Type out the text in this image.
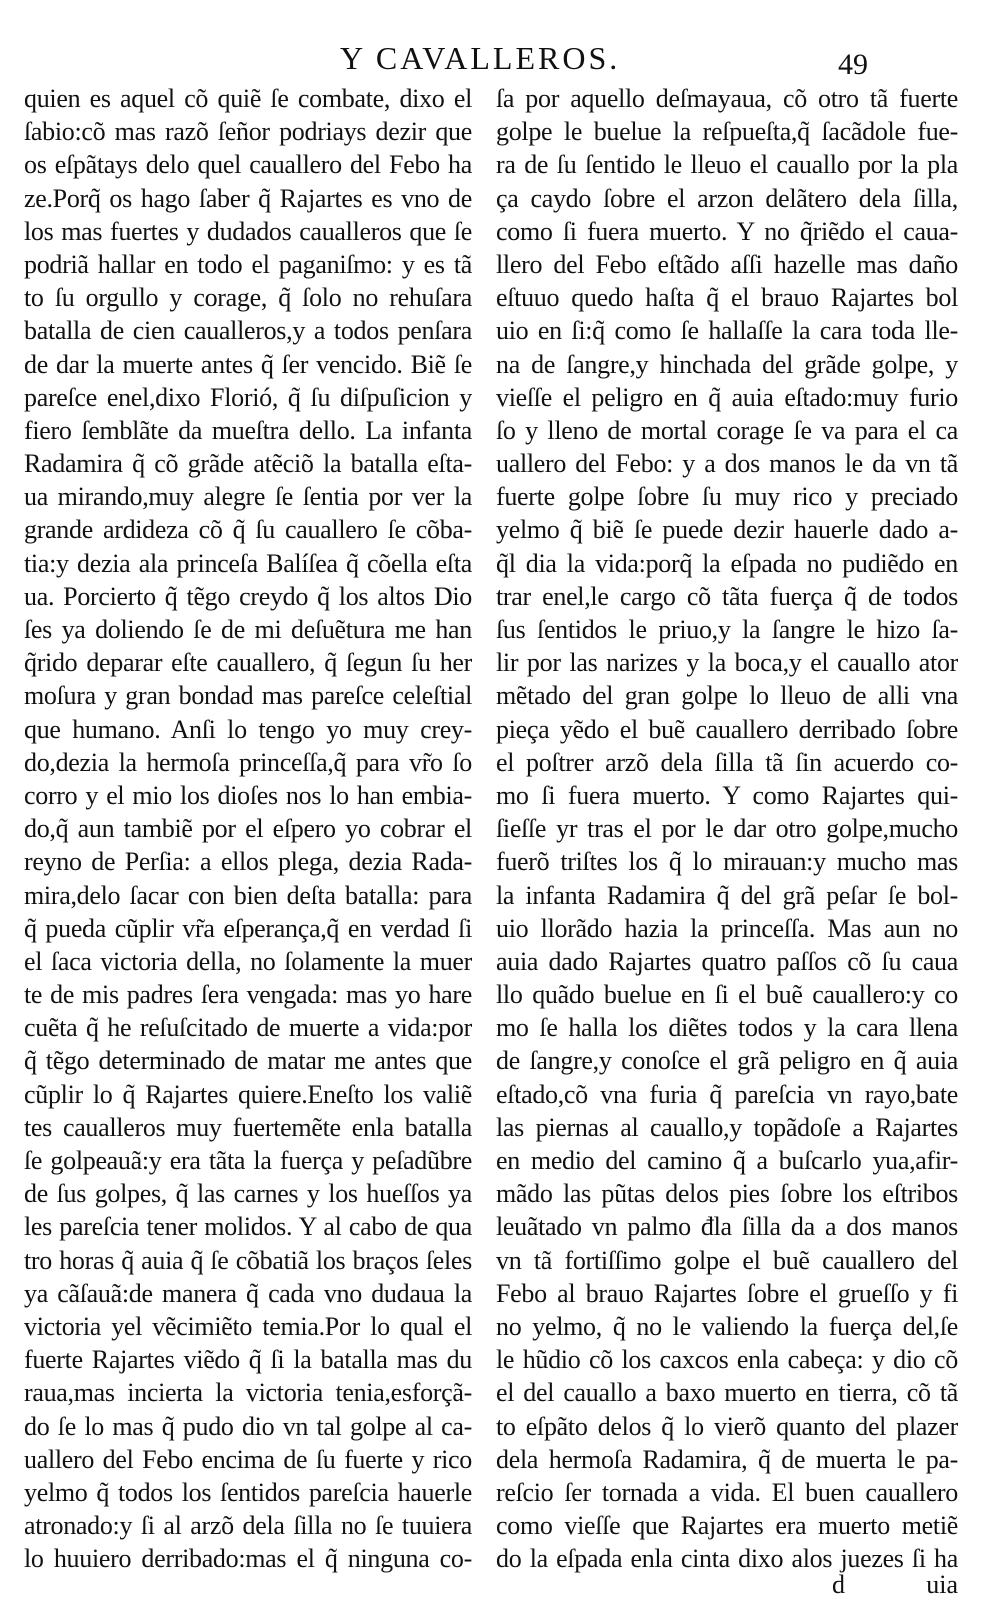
Y CAVALLEROS.	49
quien es aquel cõ quiẽ ſe combate, dixo el
ſabio:cõ mas razõ ſeñor podriays dezir que
os eſpãtays delo quel cauallero del Febo ha
ze.Porq̃ os hago ſaber q̃ Rajartes es vno de
los mas fuertes y dudados caualleros que ſe
podriã hallar en todo el paganiſmo: y es tã
to ſu orgullo y corage, q̃ ſolo no rehuſara
batalla de cien caualleros,y a todos penſara
de dar la muerte antes q̃ ſer vencido. Biẽ ſe
pareſce enel,dixo Florió, q̃ ſu diſpuſicion y
fiero ſemblãte da mueſtra dello. La infanta
Radamira q̃ cõ grãde atẽciõ la batalla eſta-
ua mirando,muy alegre ſe ſentia por ver la
grande ardideza cõ q̃ ſu cauallero ſe cõba-
tia:y dezia ala princeſa Balíſea q̃ cõella eſta
ua. Porcierto q̃ tẽgo creydo q̃ los altos Dio
ſes ya doliendo ſe de mi deſuẽtura me han
q̃rido deparar eſte cauallero, q̃ ſegun ſu her
moſura y gran bondad mas pareſce celeſtial
que humano. Anſi lo tengo yo muy crey-
do,dezia la hermoſa princeſſa,q̃ para vr̃o ſo
corro y el mio los dioſes nos lo han embia-
do,q̃ aun tambiẽ por el eſpero yo cobrar el
reyno de Perſia: a ellos plega, dezia Rada-
mira,delo ſacar con bien deſta batalla: para
q̃ pueda cũplir vr̃a eſperança,q̃ en verdad ſi
el ſaca victoria della, no ſolamente la muer
te de mis padres ſera vengada: mas yo hare
cuẽta q̃ he reſuſcitado de muerte a vida:por
q̃ tẽgo determinado de matar me antes que
cũplir lo q̃ Rajartes quiere.Eneſto los valiẽ
tes caualleros muy fuertemẽte enla batalla
ſe golpeauã:y era tãta la fuerça y peſadũbre
de ſus golpes, q̃ las carnes y los hueſſos ya
les pareſcia tener molidos. Y al cabo de qua
tro horas q̃ auia q̃ ſe cõbatiã los braços ſeles
ya cãſauã:de manera q̃ cada vno dudaua la
victoria yel vẽcimiẽto temia.Por lo qual el
fuerte Rajartes viẽdo q̃ ſi la batalla mas du
raua,mas incierta la victoria tenia,esforçã-
do ſe lo mas q̃ pudo dio vn tal golpe al ca-
uallero del Febo encima de ſu fuerte y rico
yelmo q̃ todos los ſentidos pareſcia hauerle
atronado:y ſi al arzõ dela ſilla no ſe tuuiera
lo huuiero derribado:mas el q̃ ninguna co-
ſa por aquello deſmayaua, cõ otro tã fuerte
golpe le buelue la reſpueſta,q̃ ſacãdole fue-
ra de ſu ſentido le lleuo el cauallo por la pla
ça caydo ſobre el arzon delãtero dela ſilla,
como ſi fuera muerto. Y no q̃riẽdo el caua-
llero del Febo eſtãdo aſſi hazelle mas daño
eſtuuo quedo haſta q̃ el brauo Rajartes bol
uio en ſi:q̃ como ſe hallaſſe la cara toda lle-
na de ſangre,y hinchada del grãde golpe, y
vieſſe el peligro en q̃ auia eſtado:muy furio
ſo y lleno de mortal corage ſe va para el ca
uallero del Febo: y a dos manos le da vn tã
fuerte golpe ſobre ſu muy rico y preciado
yelmo q̃ biẽ ſe puede dezir hauerle dado a-
q̃l dia la vida:porq̃ la eſpada no pudiẽdo en
trar enel,le cargo cõ tãta fuerça q̃ de todos
ſus ſentidos le priuo,y la ſangre le hizo ſa-
lir por las narizes y la boca,y el cauallo ator
mẽtado del gran golpe lo lleuo de alli vna
pieça yẽdo el buẽ cauallero derribado ſobre
el poſtrer arzõ dela ſilla tã ſin acuerdo co-
mo ſi fuera muerto. Y como Rajartes qui-
ſieſſe yr tras el por le dar otro golpe,mucho
fuerõ triſtes los q̃ lo mirauan:y mucho mas
la infanta Radamira q̃ del grã peſar ſe bol-
uio llorãdo hazia la princeſſa. Mas aun no
auia dado Rajartes quatro paſſos cõ ſu caua
llo quãdo buelue en ſi el buẽ cauallero:y co
mo ſe halla los diẽtes todos y la cara llena
de ſangre,y conoſce el grã peligro en q̃ auia
eſtado,cõ vna furia q̃ pareſcia vn rayo,bate
las piernas al cauallo,y topãdoſe a Rajartes
en medio del camino q̃ a buſcarlo yua,afir-
mãdo las pũtas delos pies ſobre los eſtribos
leuãtado vn palmo đla ſilla da a dos manos
vn tã fortiſſimo golpe el buẽ cauallero del
Febo al brauo Rajartes ſobre el grueſſo y fi
no yelmo, q̃ no le valiendo la fuerça del,ſe
le hũdio cõ los caxcos enla cabeça: y dio cõ
el del cauallo a baxo muerto en tierra, cõ tã
to eſpãto delos q̃ lo vierõ quanto del plazer
dela hermoſa Radamira, q̃ de muerta le pa-
reſcio ſer tornada a vida. El buen cauallero
como vieſſe que Rajartes era muerto metiẽ
do la eſpada enla cinta dixo alos juezes ſi ha
d	uia
